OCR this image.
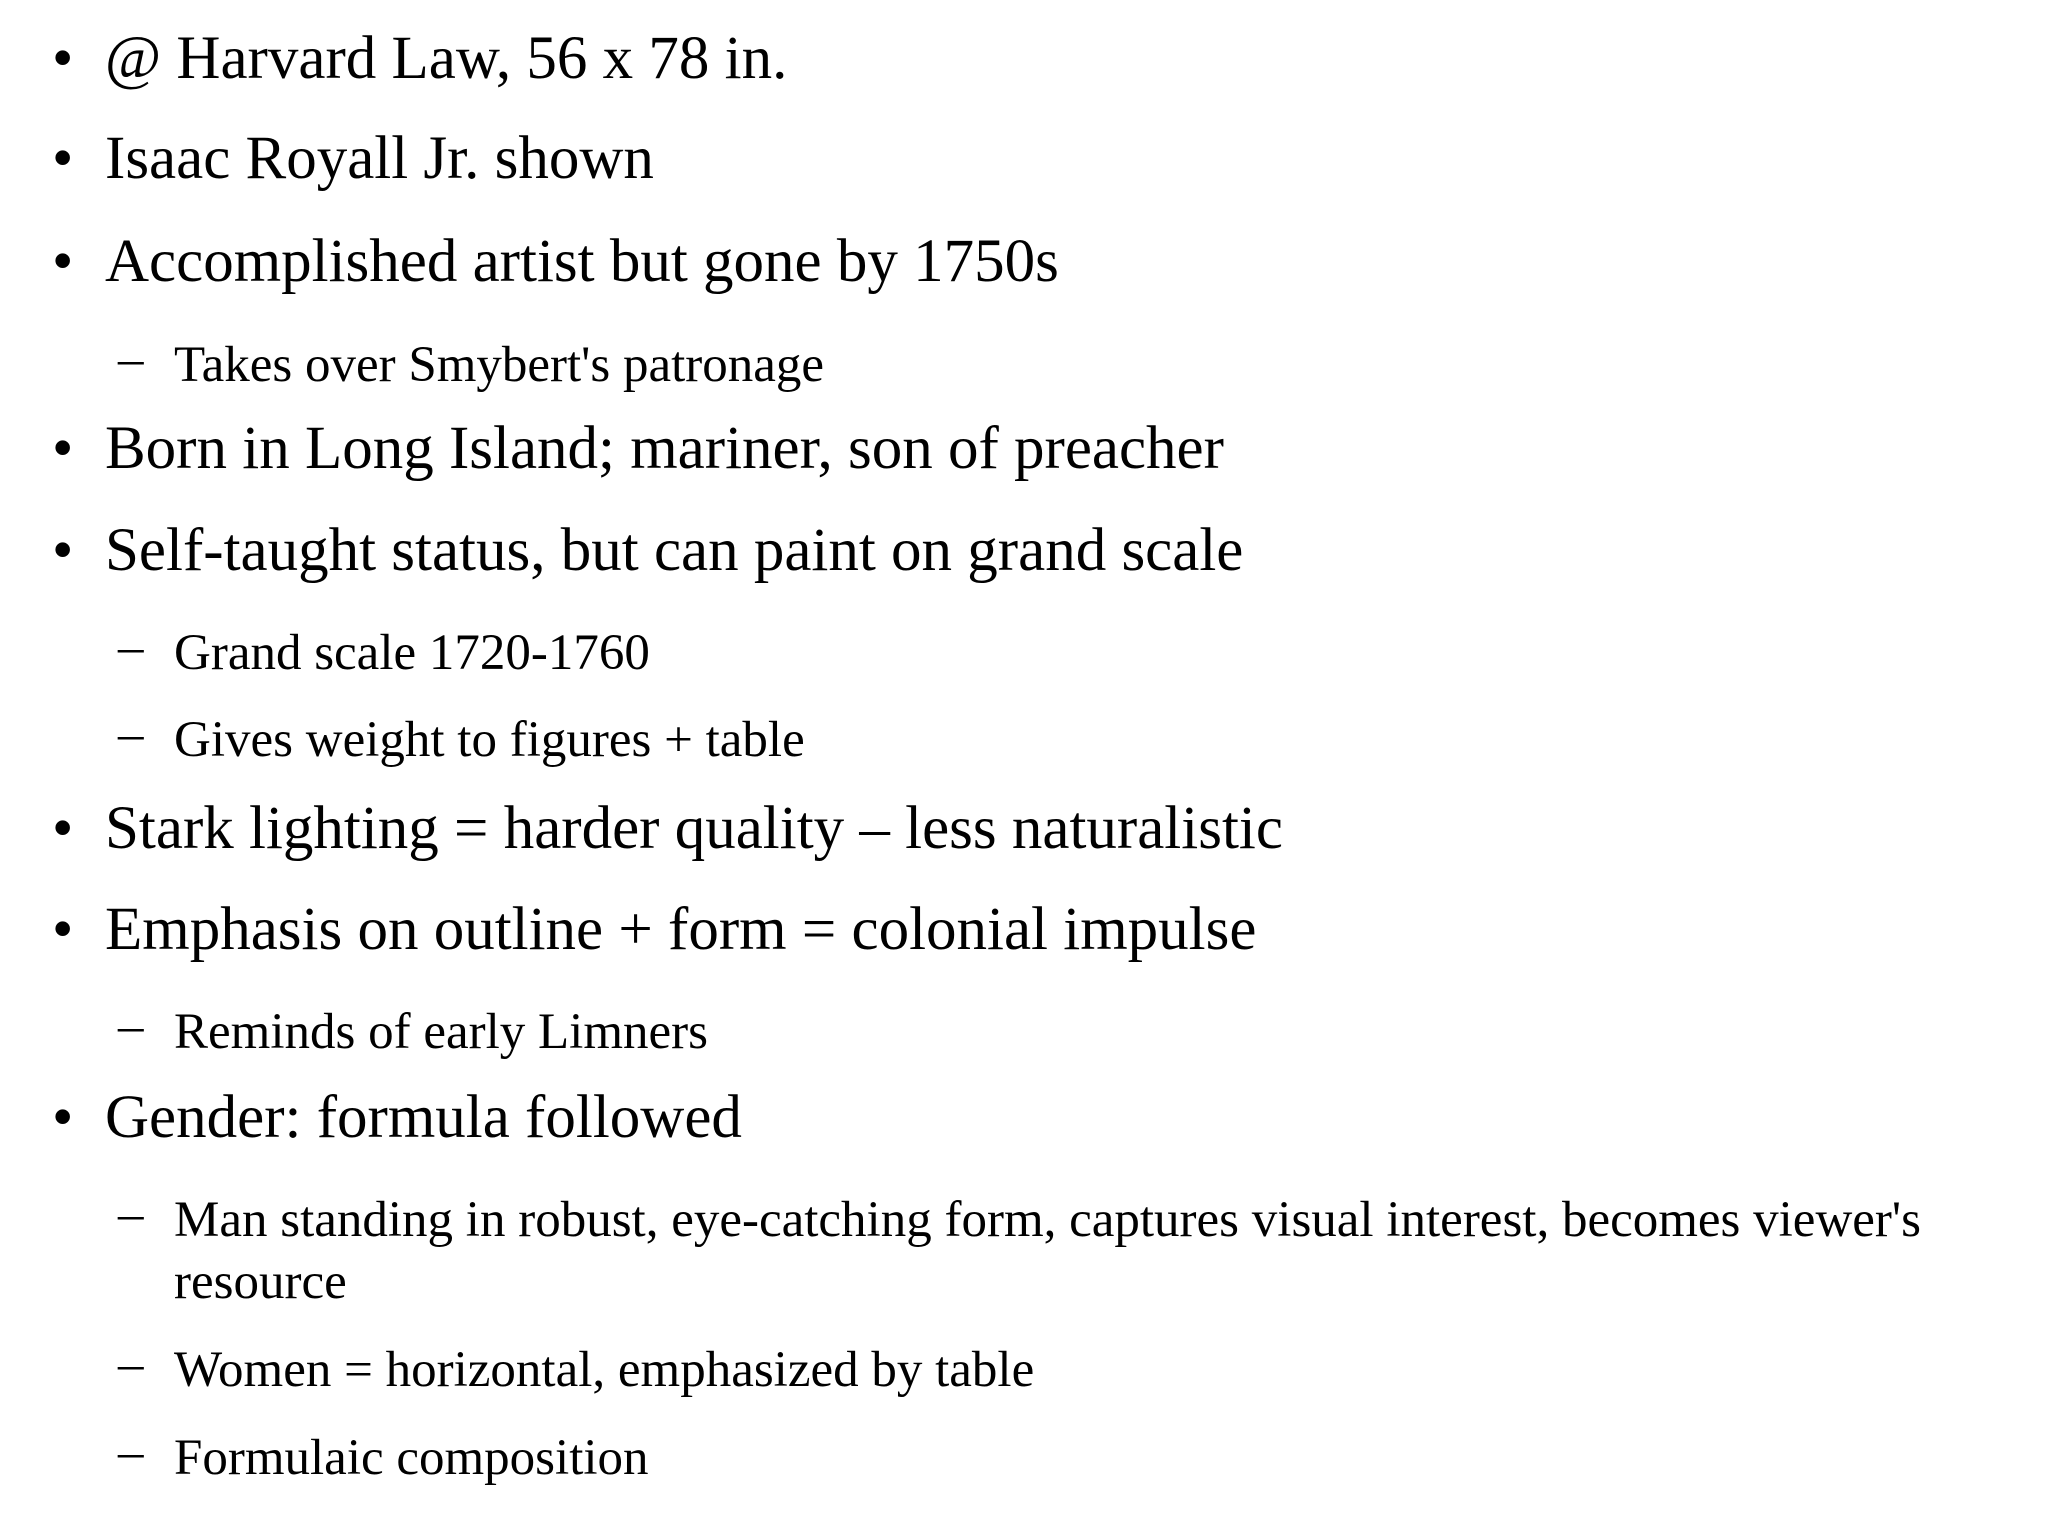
• @ Harvard Law, 56 x 78 in.
• Isaac Royall Jr. shown
• Accomplished artist but gone by 1750s
– Takes over Smybert's patronage
• Born in Long Island; mariner, son of preacher
• Self-taught status, but can paint on grand scale
– Grand scale 1720-1760
– Gives weight to figures + table
• Stark lighting = harder quality – less naturalistic
• Emphasis on outline + form = colonial impulse
– Reminds of early Limners
• Gender: formula followed
– Man standing in robust, eye-catching form, captures visual interest, becomes viewer's resource
– Women = horizontal, emphasized by table
– Formulaic composition
